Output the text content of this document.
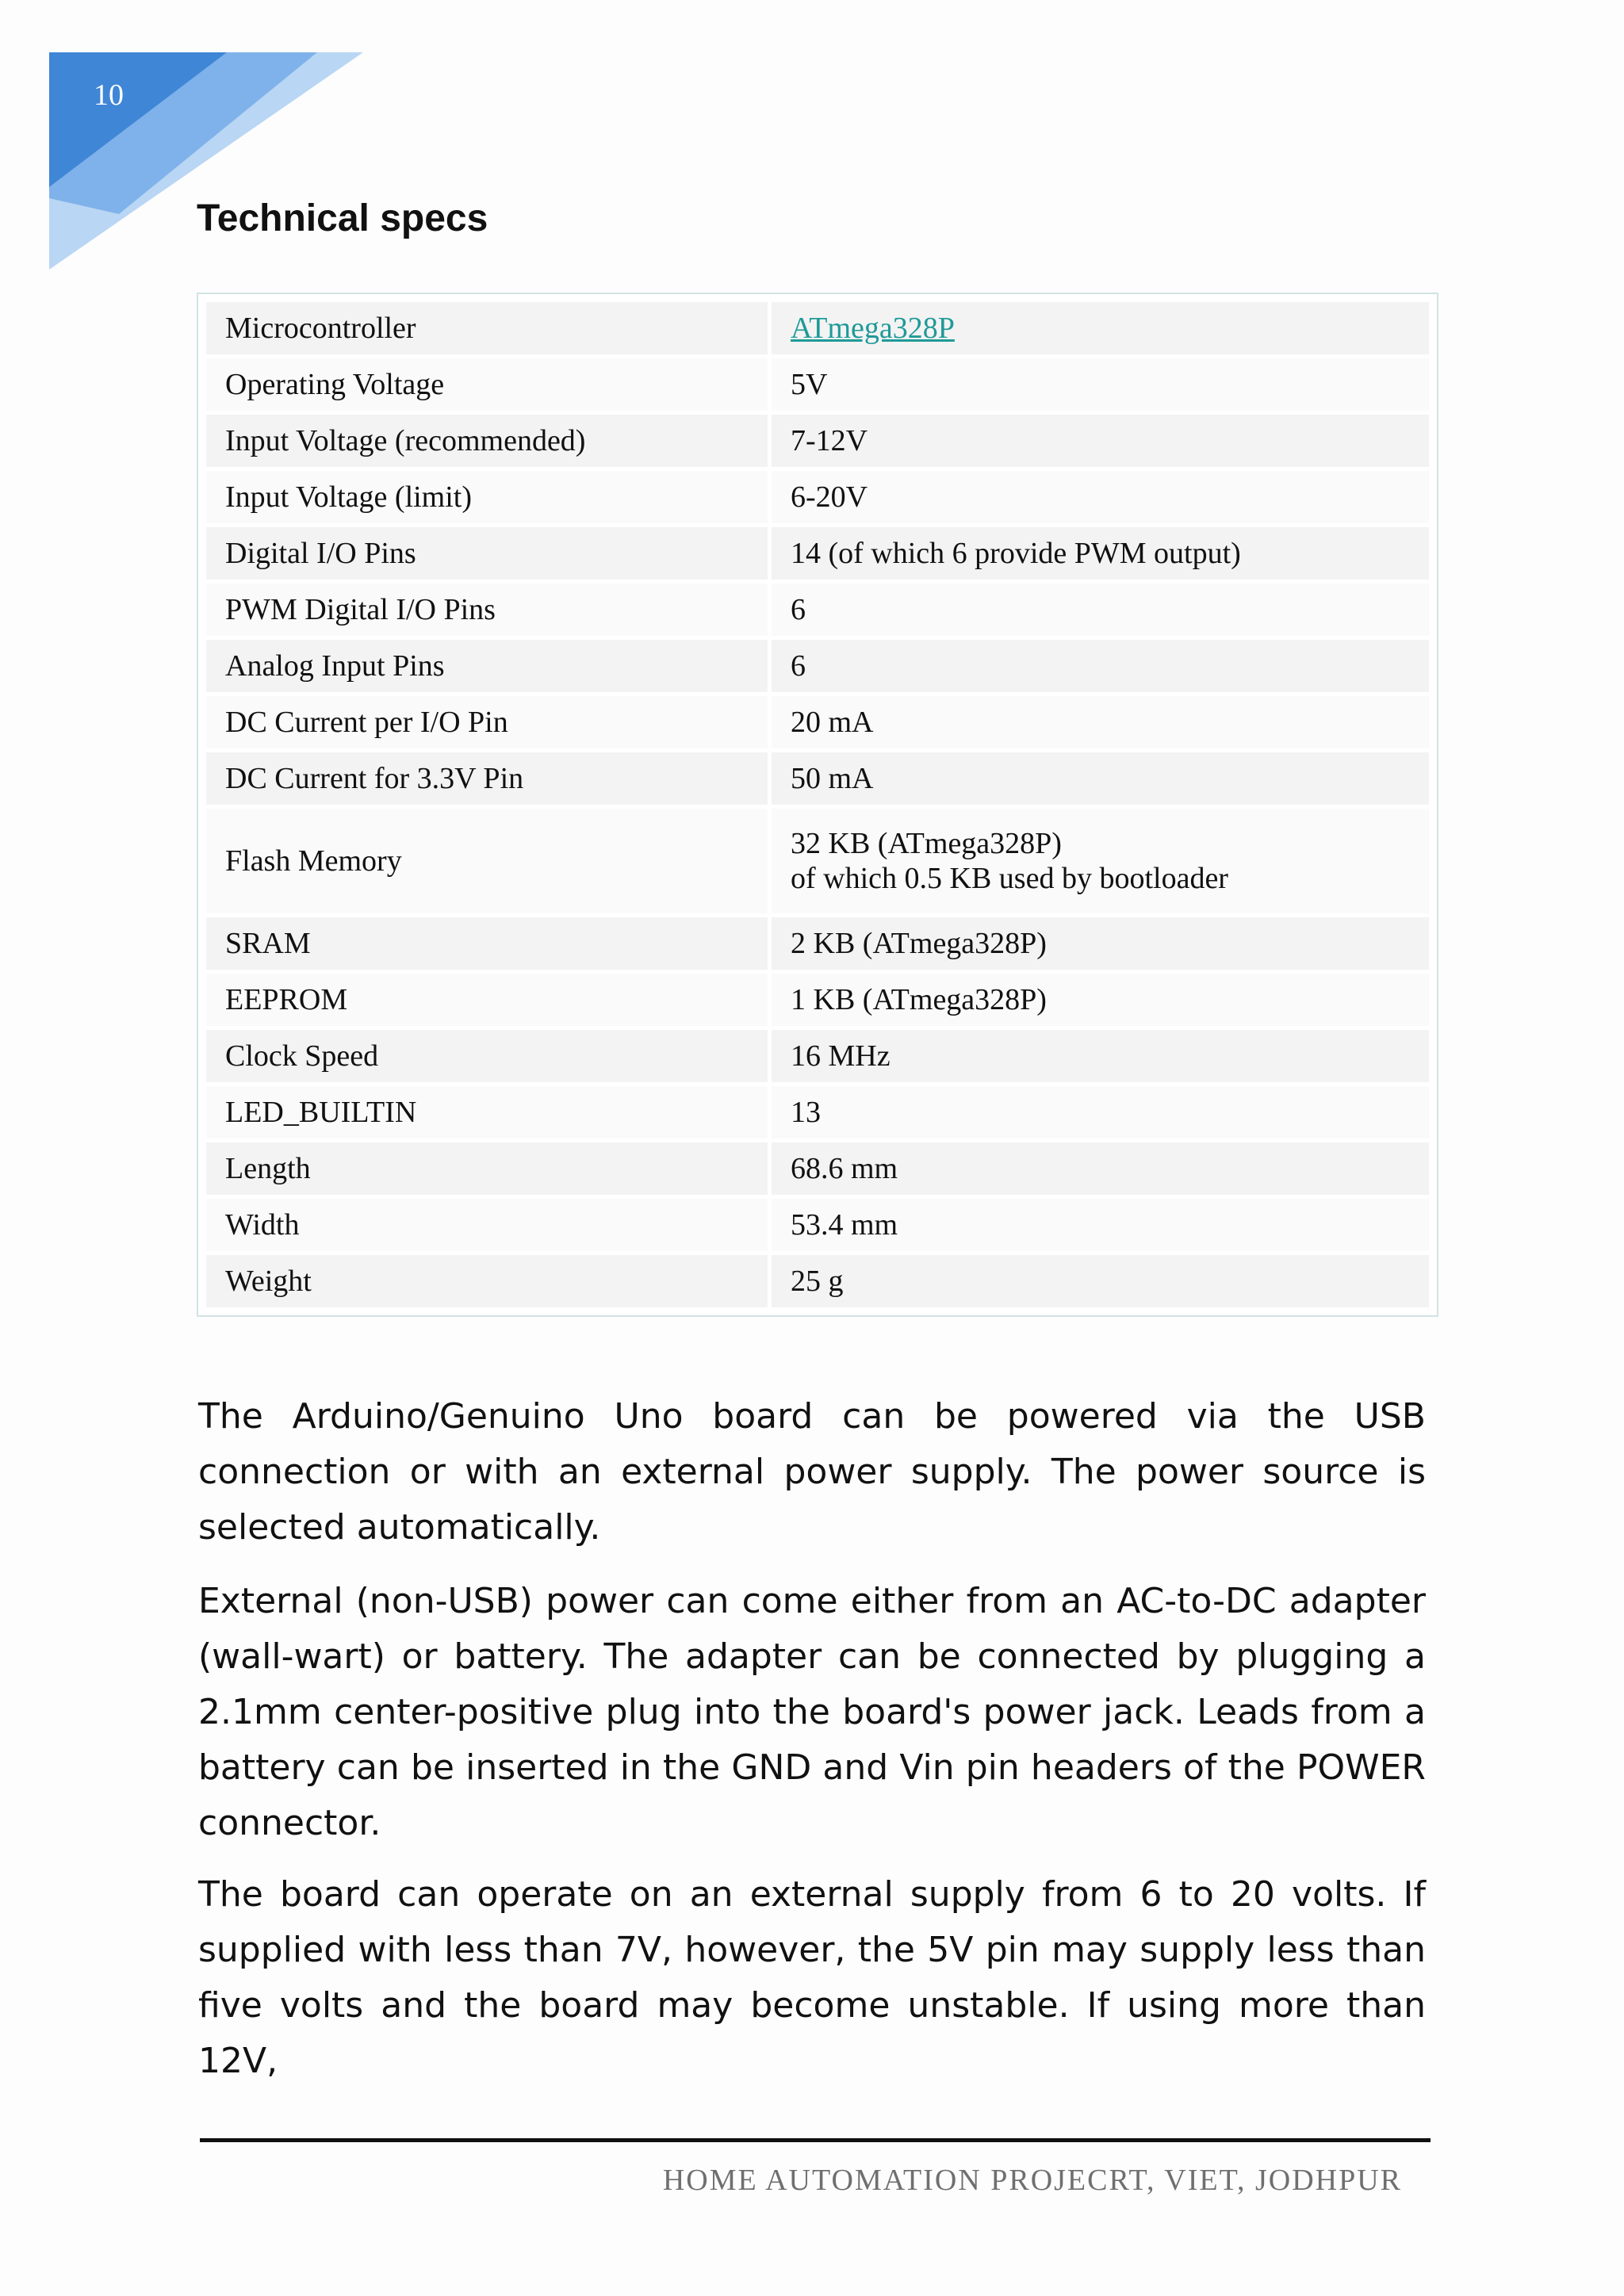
10
Technical specs
Microcontroller	ATmega328P
Operating Voltage	5V
Input Voltage (recommended)	7-12V
Input Voltage (limit)	6-20V
Digital I/O Pins	14 (of which 6 provide PWM output)
PWM Digital I/O Pins	6
Analog Input Pins	6
DC Current per I/O Pin	20 mA
DC Current for 3.3V Pin	50 mA
Flash Memory	32 KB (ATmega328P)
of which 0.5 KB used by bootloader

SRAM	2 KB (ATmega328P)
EEPROM	1 KB (ATmega328P)
Clock Speed	16 MHz
LED_BUILTIN	13
Length	68.6 mm
Width	53.4 mm
Weight	25 g

The Arduino/Genuino Uno board can be powered via the USB connection or with an external power supply. The power source is selected automatically.

External (non-USB) power can come either from an AC-to-DC adapter (wall-wart) or battery. The adapter can be connected by plugging a 2.1mm center-positive plug into the board's power jack. Leads from a battery can be inserted in the GND and Vin pin headers of the POWER connector.

The board can operate on an external supply from 6 to 20 volts. If supplied with less than 7V, however, the 5V pin may supply less than five volts and the board may become unstable. If using more than 12V,

HOME AUTOMATION PROJECRT, VIET, JODHPUR
